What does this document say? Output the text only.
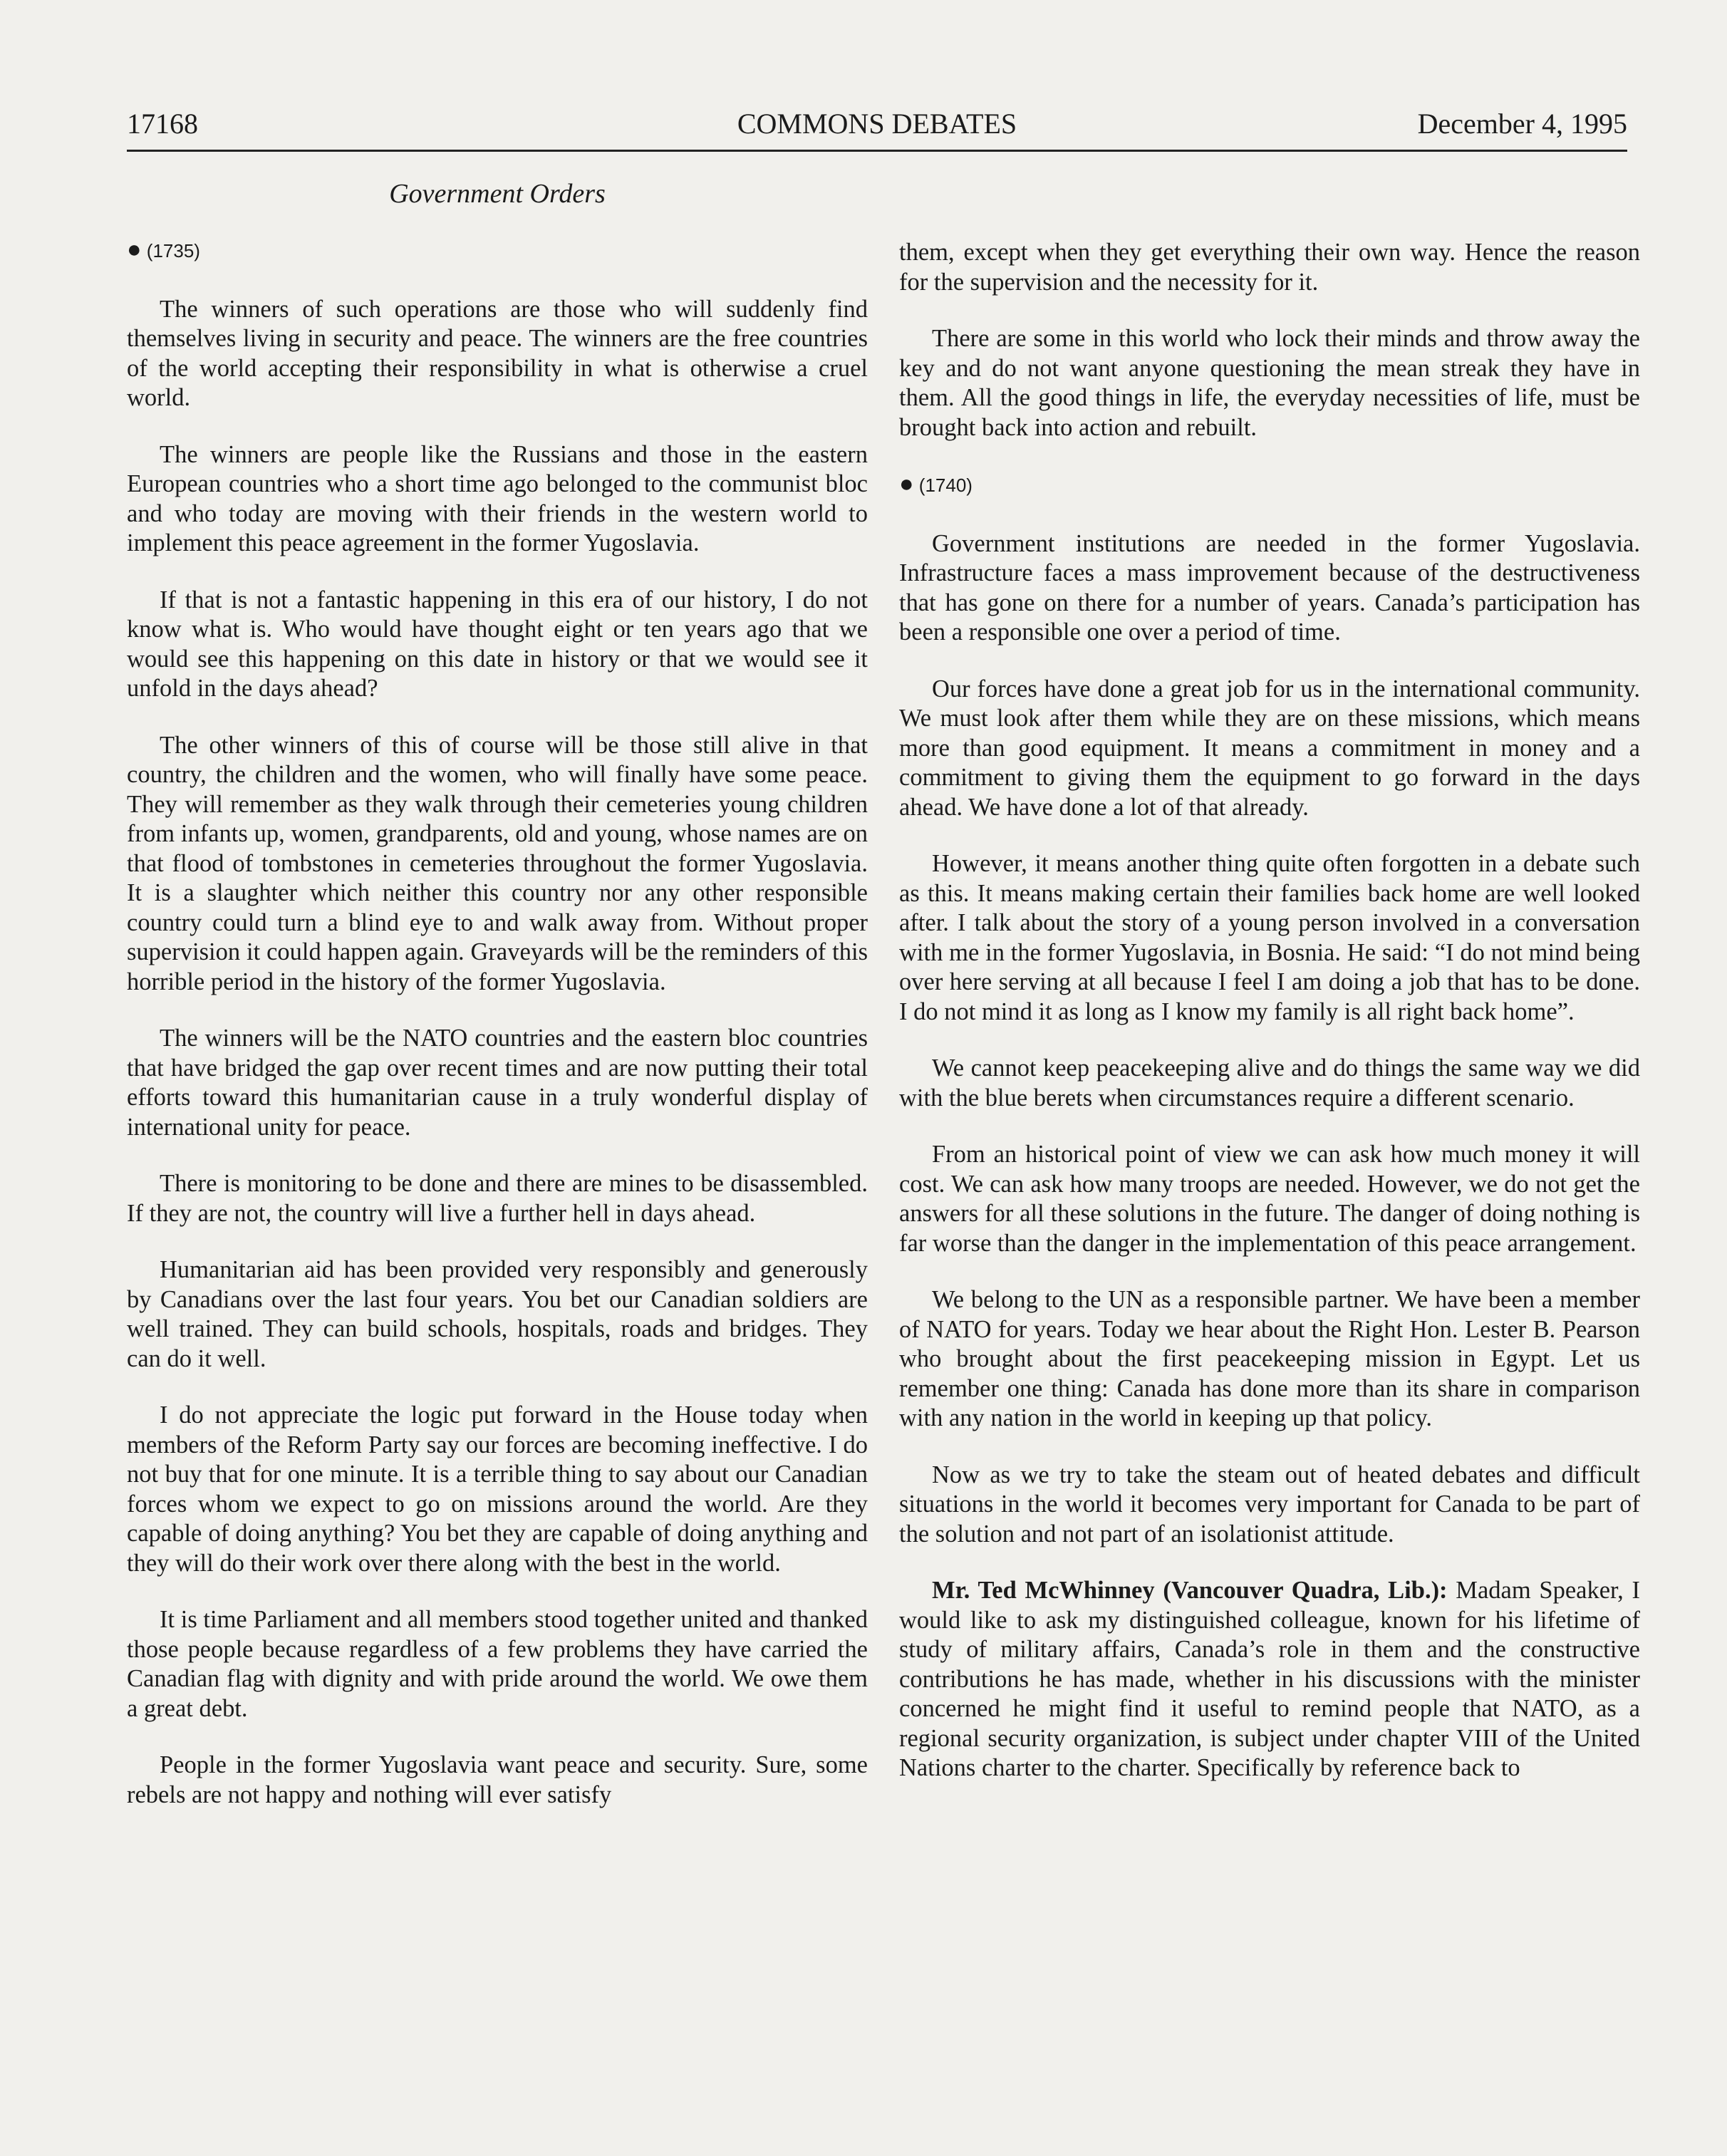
17168	COMMONS DEBATES	December 4, 1995
Government Orders
● (1735)

The winners of such operations are those who will suddenly find themselves living in security and peace. The winners are the free countries of the world accepting their responsibility in what is otherwise a cruel world.

The winners are people like the Russians and those in the eastern European countries who a short time ago belonged to the communist bloc and who today are moving with their friends in the western world to implement this peace agreement in the former Yugoslavia.

If that is not a fantastic happening in this era of our history, I do not know what is. Who would have thought eight or ten years ago that we would see this happening on this date in history or that we would see it unfold in the days ahead?

The other winners of this of course will be those still alive in that country, the children and the women, who will finally have some peace. They will remember as they walk through their cemeteries young children from infants up, women, grandparents, old and young, whose names are on that flood of tombstones in cemeteries throughout the former Yugoslavia. It is a slaughter which neither this country nor any other responsible country could turn a blind eye to and walk away from. Without proper supervision it could happen again. Graveyards will be the reminders of this horrible period in the history of the former Yugoslavia.

The winners will be the NATO countries and the eastern bloc countries that have bridged the gap over recent times and are now putting their total efforts toward this humanitarian cause in a truly wonderful display of international unity for peace.

There is monitoring to be done and there are mines to be disassembled. If they are not, the country will live a further hell in days ahead.

Humanitarian aid has been provided very responsibly and generously by Canadians over the last four years. You bet our Canadian soldiers are well trained. They can build schools, hospitals, roads and bridges. They can do it well.

I do not appreciate the logic put forward in the House today when members of the Reform Party say our forces are becoming ineffective. I do not buy that for one minute. It is a terrible thing to say about our Canadian forces whom we expect to go on missions around the world. Are they capable of doing anything? You bet they are capable of doing anything and they will do their work over there along with the best in the world.

It is time Parliament and all members stood together united and thanked those people because regardless of a few problems they have carried the Canadian flag with dignity and with pride around the world. We owe them a great debt.

People in the former Yugoslavia want peace and security. Sure, some rebels are not happy and nothing will ever satisfy

them, except when they get everything their own way. Hence the reason for the supervision and the necessity for it.

There are some in this world who lock their minds and throw away the key and do not want anyone questioning the mean streak they have in them. All the good things in life, the everyday necessities of life, must be brought back into action and rebuilt.

● (1740)

Government institutions are needed in the former Yugoslavia. Infrastructure faces a mass improvement because of the destructiveness that has gone on there for a number of years. Canada’s participation has been a responsible one over a period of time.

Our forces have done a great job for us in the international community. We must look after them while they are on these missions, which means more than good equipment. It means a commitment in money and a commitment to giving them the equipment to go forward in the days ahead. We have done a lot of that already.

However, it means another thing quite often forgotten in a debate such as this. It means making certain their families back home are well looked after. I talk about the story of a young person involved in a conversation with me in the former Yugoslavia, in Bosnia. He said: “I do not mind being over here serving at all because I feel I am doing a job that has to be done. I do not mind it as long as I know my family is all right back home”.

We cannot keep peacekeeping alive and do things the same way we did with the blue berets when circumstances require a different scenario.

From an historical point of view we can ask how much money it will cost. We can ask how many troops are needed. However, we do not get the answers for all these solutions in the future. The danger of doing nothing is far worse than the danger in the implementation of this peace arrangement.

We belong to the UN as a responsible partner. We have been a member of NATO for years. Today we hear about the Right Hon. Lester B. Pearson who brought about the first peacekeeping mission in Egypt. Let us remember one thing: Canada has done more than its share in comparison with any nation in the world in keeping up that policy.

Now as we try to take the steam out of heated debates and difficult situations in the world it becomes very important for Canada to be part of the solution and not part of an isolationist attitude.

Mr. Ted McWhinney (Vancouver Quadra, Lib.): Madam Speaker, I would like to ask my distinguished colleague, known for his lifetime of study of military affairs, Canada’s role in them and the constructive contributions he has made, whether in his discussions with the minister concerned he might find it useful to remind people that NATO, as a regional security organization, is subject under chapter VIII of the United Nations charter to the charter. Specifically by reference back to
